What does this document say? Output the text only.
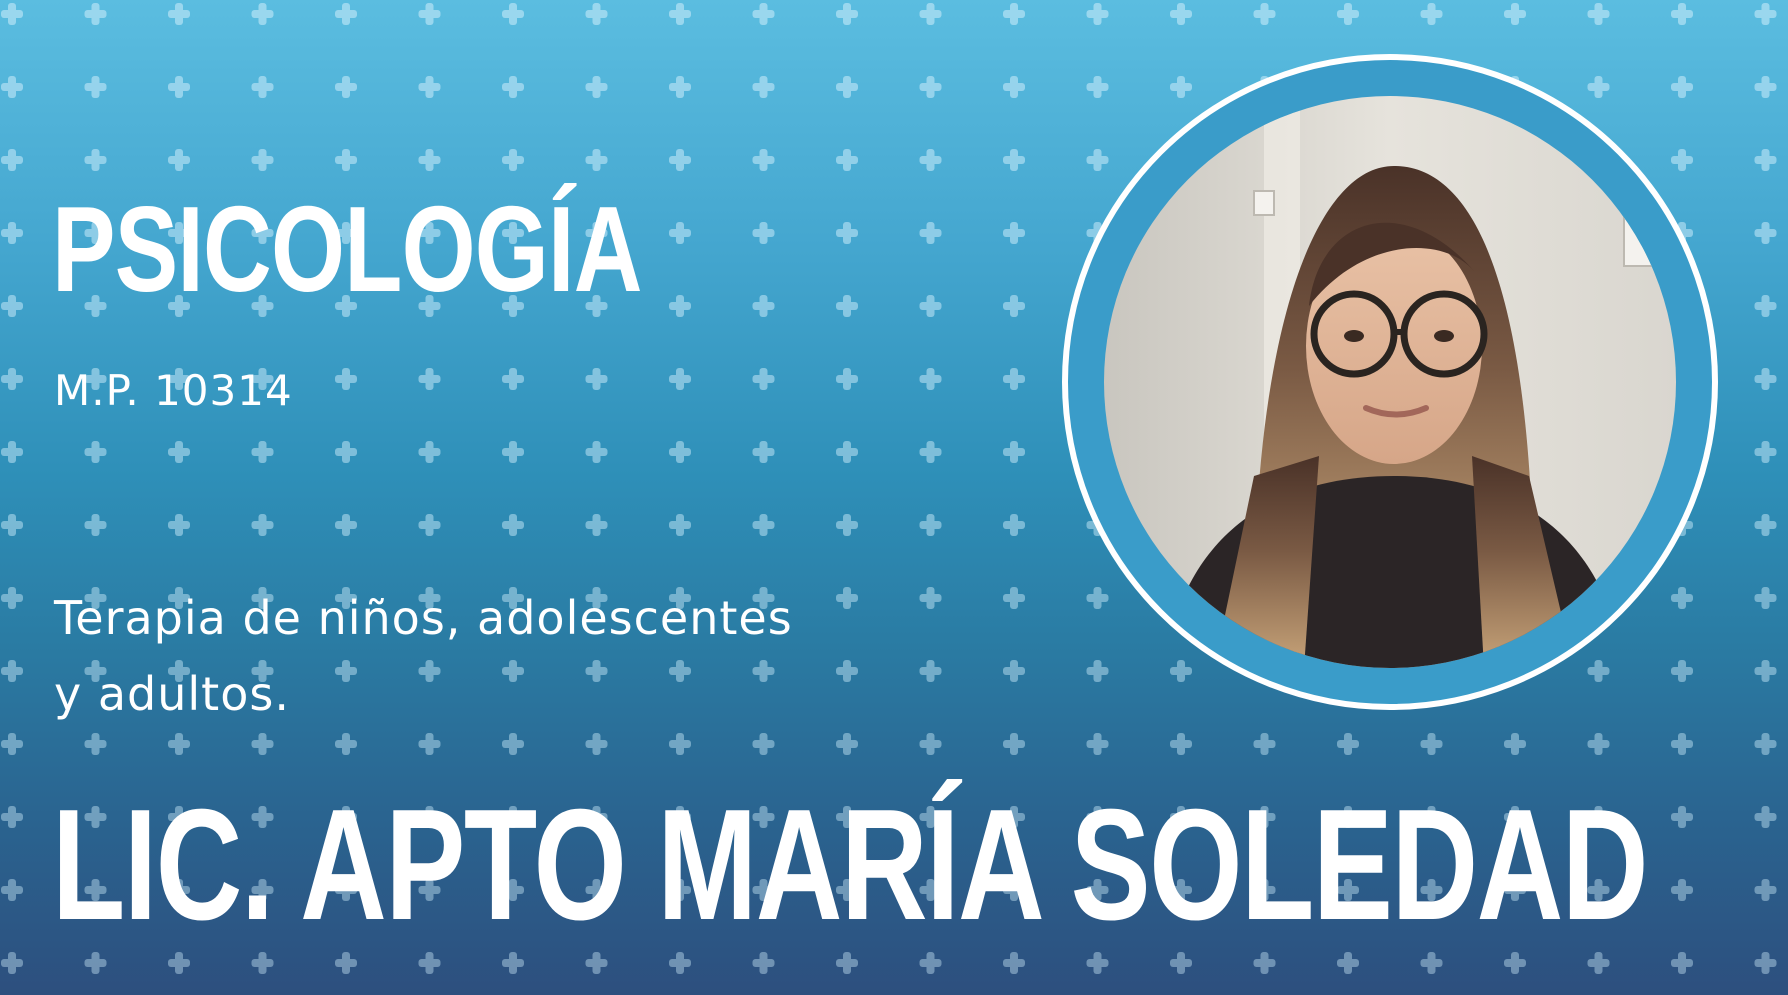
PSICOLOGÍA

M.P. 10314

Terapia de niños, adolescentes
y adultos.

LIC. APTO MARÍA SOLEDAD
